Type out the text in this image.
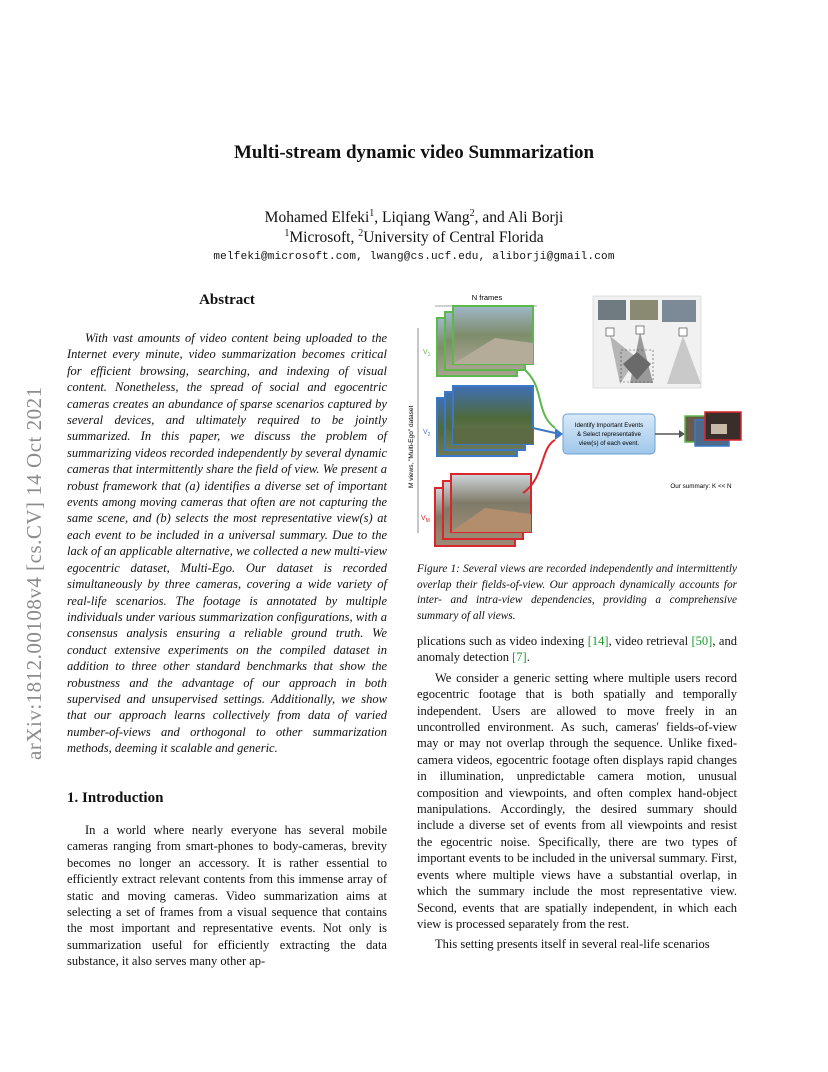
arXiv:1812.00108v4 [cs.CV] 14 Oct 2021
Multi-stream dynamic video Summarization
Mohamed Elfeki$^1$, Liqiang Wang$^2$, and Ali Borji
$^1$Microsoft, $^2$University of Central Florida
melfeki@microsoft.com, lwang@cs.ucf.edu, aliborji@gmail.com
Abstract
With vast amounts of video content being uploaded to the Internet every minute, video summarization becomes critical for efficient browsing, searching, and indexing of visual content. Nonetheless, the spread of social and egocentric cameras creates an abundance of sparse scenarios captured by several devices, and ultimately required to be jointly summarized. In this paper, we discuss the problem of summarizing videos recorded independently by several dynamic cameras that intermittently share the field of view. We present a robust framework that (a) identifies a diverse set of important events among moving cameras that often are not capturing the same scene, and (b) selects the most representative view(s) at each event to be included in a universal summary. Due to the lack of an applicable alternative, we collected a new multi-view egocentric dataset, Multi-Ego. Our dataset is recorded simultaneously by three cameras, covering a wide variety of real-life scenarios. The footage is annotated by multiple individuals under various summarization configurations, with a consensus analysis ensuring a reliable ground truth. We conduct extensive experiments on the compiled dataset in addition to three other standard benchmarks that show the robustness and the advantage of our approach in both supervised and unsupervised settings. Additionally, we show that our approach learns collectively from data of varied number-of-views and orthogonal to other summarization methods, deeming it scalable and generic.
1. Introduction
In a world where nearly everyone has several mobile cameras ranging from smart-phones to body-cameras, brevity becomes no longer an accessory. It is rather essential to efficiently extract relevant contents from this immense array of static and moving cameras. Video summarization aims at selecting a set of frames from a visual sequence that contains the most important and representative events. Not only is summarization useful for efficiently extracting the data substance, it also serves many other ap-
N frames
M views, "Multi-Ego" dataset
$V_1$
$V_2$
$V_M$
Identify Important Events
& Select representative
view(s) of each event.
Our summary: K << N
Figure 1: Several views are recorded independently and intermittently overlap their fields-of-view. Our approach dynamically accounts for inter- and intra-view dependencies, providing a comprehensive summary of all views.

plications such as video indexing [14], video retrieval [50], and anomaly detection [7].

We consider a generic setting where multiple users record egocentric footage that is both spatially and temporally independent. Users are allowed to move freely in an uncontrolled environment. As such, cameras' fields-of-view may or may not overlap through the sequence. Unlike fixed-camera videos, egocentric footage often displays rapid changes in illumination, unpredictable camera motion, unusual composition and viewpoints, and often complex hand-object manipulations. Accordingly, the desired summary should include a diverse set of events from all viewpoints and resist the egocentric noise. Specifically, there are two types of important events to be included in the universal summary. First, events where multiple views have a substantial overlap, in which the summary include the most representative view. Second, events that are spatially independent, in which each view is processed separately from the rest.

This setting presents itself in several real-life scenarios
